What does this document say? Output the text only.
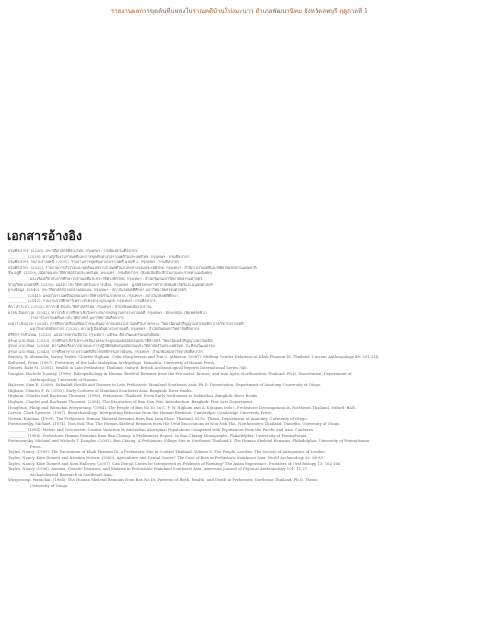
รายงานผลการขุดค้นที่แหล่งโบราณคดีบ้านโป่งมะนาว อำเภอพัฒนานิคม จังหวัดลพบุรี ฤดูกาลที่ 1
เอกสารอ้างอิง

กรมศิลปากร. (2526). ประวัติศาสตร์ศิลปะไทย. กรุงเทพฯ : โรงพิมพ์กรมศิลปากร.

__________ (2530). ความรู้เรื่องโบราณคดีและการขุดค้นทางโบราณคดีในประเทศไทย. กรุงเทพฯ : กรมศิลปากร.

กรมศิลปากร, กองโบราณคดี. (2531). รายงานการขุดค้นทางโบราณคดี ฉบับที่ 2. กรุงเทพฯ : กรมศิลปากร.

กรมศิลปากร. (2532). รายงานการสำรวจและขุดค้นแหล่งโบราณคดีในภาคกลางของประเทศไทย. กรุงเทพฯ : สำนักโบราณคดีและพิพิธภัณฑสถานแห่งชาติ.

ชิน อยู่ดี. (2510). สมัยก่อนประวัติศาสตร์ในประเทศไทย. พระนคร : กรมศิลปากร. (พิมพ์เป็นที่ระลึกในงานพระราชทานเพลิงศพ)
และเรื่องเกี่ยวกับการศึกษาโบราณคดีและประวัติศาสตร์ไทย. กรุงเทพฯ : สำนักพิมพ์มหาวิทยาลัยธรรมศาสตร์.

ชาญวิทย์ เกษตรศิริ. (2535). อยุธยา ประวัติศาสตร์และการเมือง. กรุงเทพฯ : มูลนิธิโครงการตำราสังคมศาสตร์และมนุษยศาสตร์.

ฐานข้อมูล. (2540). ประวัติศาสตร์ภาคกลางตอนบน. กรุงเทพฯ : สถาบันไทยคดีศึกษา มหาวิทยาลัยธรรมศาสตร์.

__________ (2541). แหล่งโบราณคดีสมัยก่อนประวัติศาสตร์ในภาคกลาง. กรุงเทพฯ : สถาบันไทยคดีศึกษา.

__________ (2542). รายงานการศึกษาวิเคราะห์โครงกระดูกมนุษย์. กรุงเทพฯ : กรมศิลปากร.

ธิดา สาระยา. (2532). ทวารวดี ต้นประวัติศาสตร์ไทย. กรุงเทพฯ : สำนักพิมพ์เมืองโบราณ.

ผาสุข อินทราวุธ. (2542). ทวารวดี การศึกษาเชิงวิเคราะห์จากหลักฐานทางโบราณคดี. กรุงเทพฯ : อักษรสมัย. (พิมพ์ครั้งที่ 2)
วารสารโบราณคดีและประวัติศาสตร์ มหาวิทยาลัยศิลปากร.

พเยาว์ เข็มนาค. (2534). การศึกษาเปรียบเทียบภาชนะดินเผาจากแหล่งโบราณคดีในภาคกลาง. วิทยานิพนธ์ปริญญามหาบัณฑิต ภาควิชาโบราณคดี
มหาวิทยาลัยศิลปากร. (2535). ความรู้เบื้องต้นทางโบราณคดี. กรุงเทพฯ : สำนักพิมพ์มหาวิทยาลัยศิลปากร.

ศรีศักร วัลลิโภดม. (2533). แอ่งอารยธรรมอีสาน. กรุงเทพฯ : มติชน. ศิลปวัฒนธรรมฉบับพิเศษ.

สุรพล นาถะพินธุ. (2533). การศึกษาเชิงวิเคราะห์เรื่องโครงกระดูกมนุษย์สมัยก่อนประวัติศาสตร์. วิทยานิพนธ์ปริญญามหาบัณฑิต

สุรพล นาถะพินธุ. (2538). ความคิดเรื่องการตายและการปฏิบัติต่อศพในสมัยก่อนประวัติศาสตร์ในประเทศไทย. ใน ศิลปวัฒนธรรม.

สุรพล นาถะพินธุ. (2545). การศึกษาทางโบราณคดีเกี่ยวกับพิธีกรรมการฝังศพ. กรุงเทพฯ : สำนักพิมพ์มหาวิทยาลัยศิลปากร.

Bentley, R. Alexander, Nancy Tayles, Charles Higham, Colin Macpherson and Tim C. Atkinson. (2007). Shifting Gender Relations at Khok Phanom Di, Thailand. Current Anthropology 48: 301-314.

Bellwood, Peter. (1997). Prehistory of the Indo-Malaysian Archipelago. Honolulu: University of Hawaii Press.

Domett, Kate M. (2001). Health in Late Prehistoric Thailand. Oxford: British Archaeological Reports International Series 946.

Douglas, Michele Toomay. (1996). Paleopathology in Human Skeletal Remains from the Pre-metal, Bronze, and Iron Ages, Northeastern Thailand. Ph.D. Dissertation, Department of
Anthropology, University of Hawaii.

Halcrow, Sian E. (2006). Subadult Health and Disease in Late Prehistoric Mainland Southeast Asia. Ph.D. Dissertation, Department of Anatomy, University of Otago.

Higham, Charles F. W. (2002). Early Cultures of Mainland Southeast Asia. Bangkok: River Books.

Higham, Charles and Rachanie Thosarat. (1998). Prehistoric Thailand: From Early Settlement to Sukhothai. Bangkok: River Books.

Higham, Charles and Rachanie Thosarat. (2004). The Excavation of Ban Non Wat: Introduction. Bangkok: Fine Arts Department.

Houghton, Philip and Warachai Wiriyaromp. (1984). The People of Ban Na Di. In C. F. W. Higham and A. Kijngam (eds.), Prehistoric Investigations in Northeast Thailand. Oxford: BAR.

Larsen, Clark Spencer. (1997). Bioarchaeology: Interpreting Behavior from the Human Skeleton. Cambridge: Cambridge University Press.

Nelsen, Kristina. (1999). The Prehistoric Human Skeletal Remains from Ban Lum Khao, Thailand. M.Sc. Thesis, Department of Anatomy, University of Otago.

Pietrusewsky, Michael. (1974). Non Nok Tha: The Human Skeletal Remains from the 1966 Excavations at Non Nok Tha, Northeastern Thailand. Dunedin: University of Otago.

__________ (1984). Metric and Non-metric Cranial Variation in Australian Aboriginal Populations Compared with Populations from the Pacific and Asia. Canberra.

__________ (1988). Prehistoric Human Remains from Ban Chiang: A Preliminary Report. In Ban Chiang Monographs. Philadelphia: University of Pennsylvania.

Pietrusewsky, Michael and Michele T. Douglas. (2002). Ban Chiang, A Prehistoric Village Site in Northeast Thailand I: The Human Skeletal Remains. Philadelphia: University of Pennsylvania
Press.

Tayles, Nancy. (1999). The Excavation of Khok Phanom Di, a Prehistoric Site in Central Thailand. Volume V: The People. London: The Society of Antiquaries of London.

Tayles, Nancy, Kate Domett and Kristina Nelsen. (2000). Agriculture and Dental Caries? The Case of Rice in Prehistoric Southeast Asia. World Archaeology 32: 68-83.

Tayles, Nancy, Kate Domett and Sian Halcrow. (2007). Can Dental Caries be Interpreted as Evidence of Farming? The Asian Experience. Frontiers of Oral Biology 13: 162-166.

Tayles, Nancy. (1996). Anemia, Genetic Diseases, and Malaria in Prehistoric Mainland Southeast Asia. American Journal of Physical Anthropology 101: 11-27.
Archaeological Research in Southeast Asia.

Wiriyaromp, Warachai. (1984). The Human Skeletal Remains from Ban Na Di: Patterns of Birth, Health, and Death in Prehistoric Northeast Thailand. Ph.D. Thesis,
University of Otago.
